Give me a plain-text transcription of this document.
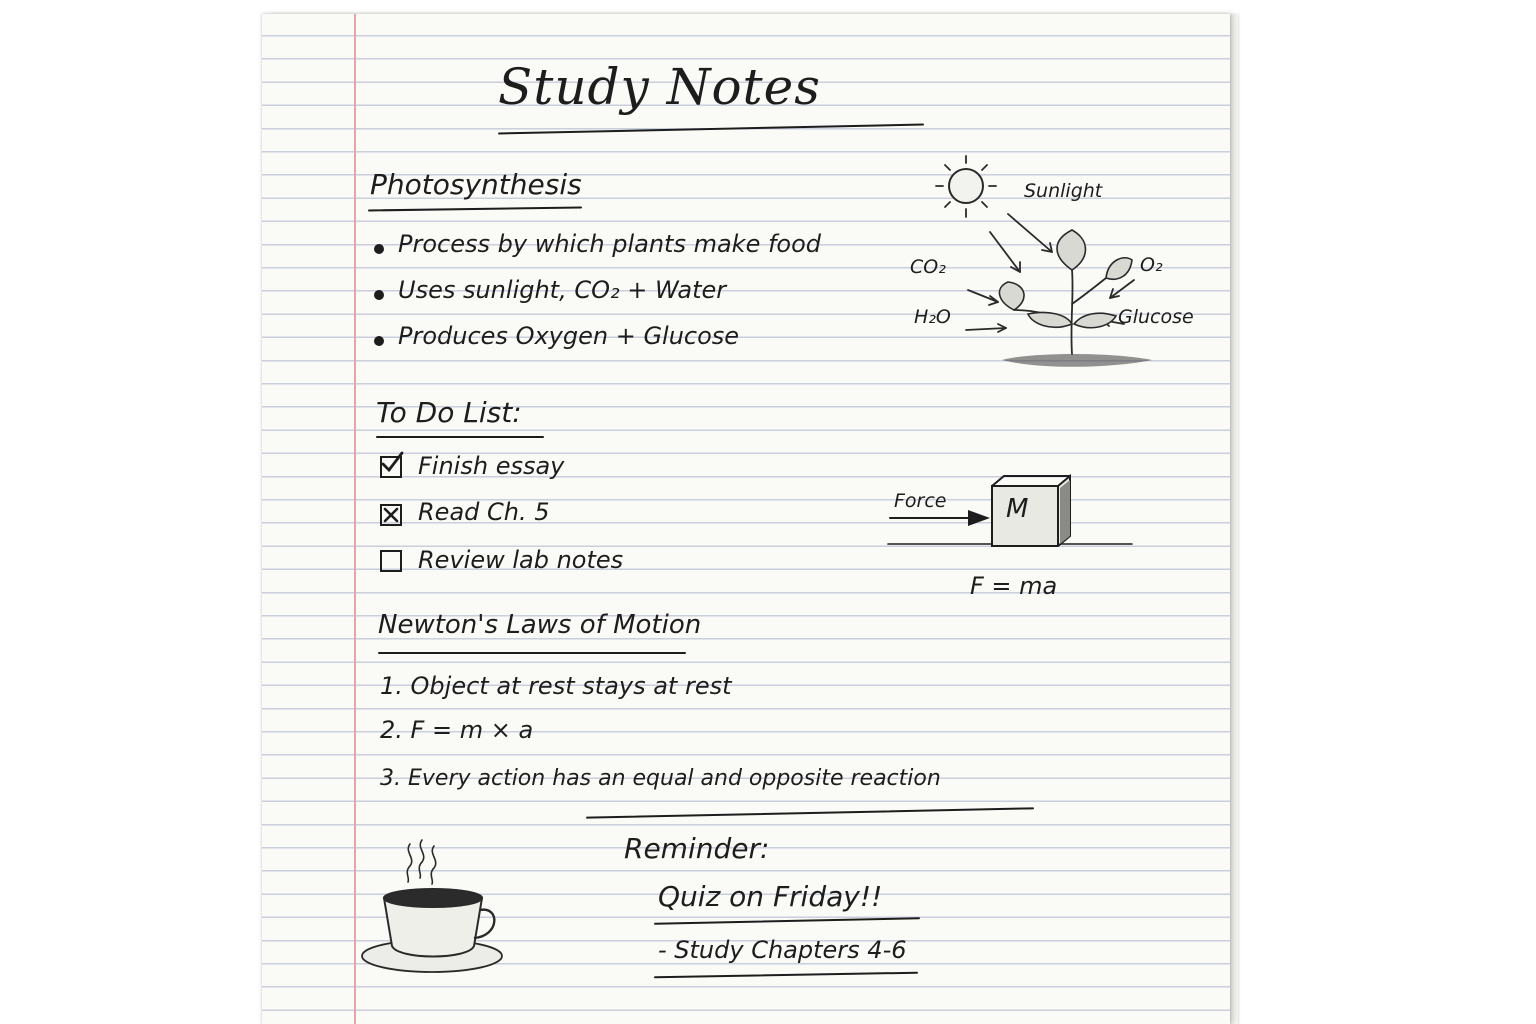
Study Notes
Photosynthesis
Process by which plants make food
Uses sunlight, CO₂ + Water
Produces Oxygen + Glucose
Sunlight
CO₂
H₂O
O₂
Glucose
To Do List:
Finish essay
Read Ch. 5
Review lab notes
Force M
F = ma
Newton's Laws of Motion
1. Object at rest stays at rest
2. F = m × a
3. Every action has an equal and opposite reaction
Reminder:
Quiz on Friday!!
- Study Chapters 4-6
